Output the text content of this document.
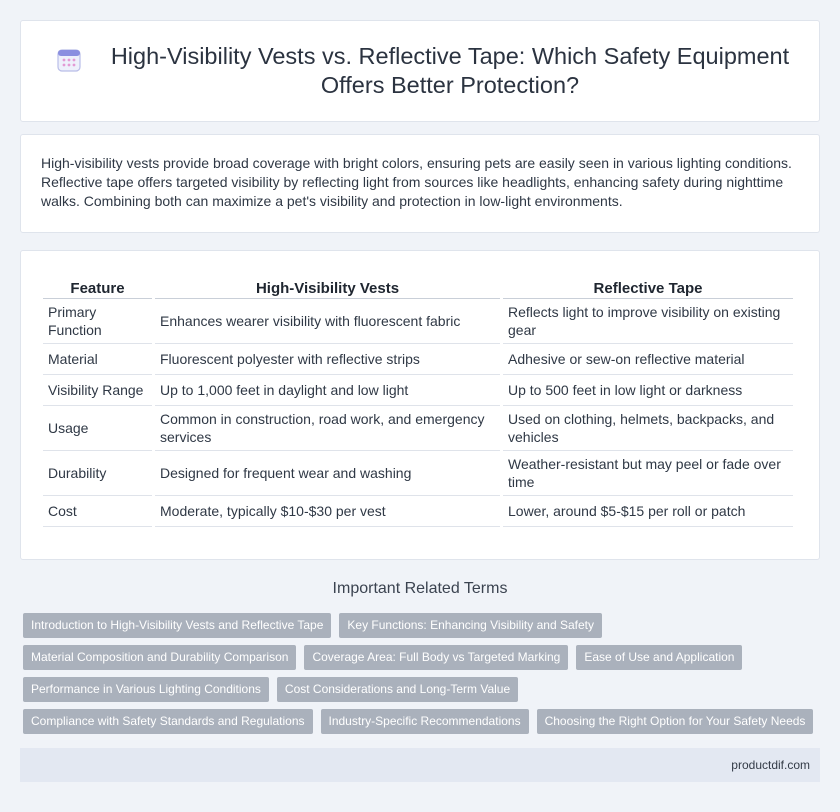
High-Visibility Vests vs. Reflective Tape: Which Safety Equipment Offers Better Protection?

High-visibility vests provide broad coverage with bright colors, ensuring pets are easily seen in various lighting conditions. Reflective tape offers targeted visibility by reflecting light from sources like headlights, enhancing safety during nighttime walks. Combining both can maximize a pet's visibility and protection in low-light environments.

Feature	High-Visibility Vests	Reflective Tape
Primary Function	Enhances wearer visibility with fluorescent fabric	Reflects light to improve visibility on existing gear
Material	Fluorescent polyester with reflective strips	Adhesive or sew-on reflective material
Visibility Range	Up to 1,000 feet in daylight and low light	Up to 500 feet in low light or darkness
Usage	Common in construction, road work, and emergency services	Used on clothing, helmets, backpacks, and vehicles
Durability	Designed for frequent wear and washing	Weather-resistant but may peel or fade over time
Cost	Moderate, typically $10-$30 per vest	Lower, around $5-$15 per roll or patch
Important Related Terms
Introduction to High-Visibility Vests and Reflective Tape	Key Functions: Enhancing Visibility and Safety
Material Composition and Durability Comparison	Coverage Area: Full Body vs Targeted Marking	Ease of Use and Application
Performance in Various Lighting Conditions	Cost Considerations and Long-Term Value
Compliance with Safety Standards and Regulations	Industry-Specific Recommendations	Choosing the Right Option for Your Safety Needs
productdif.com
